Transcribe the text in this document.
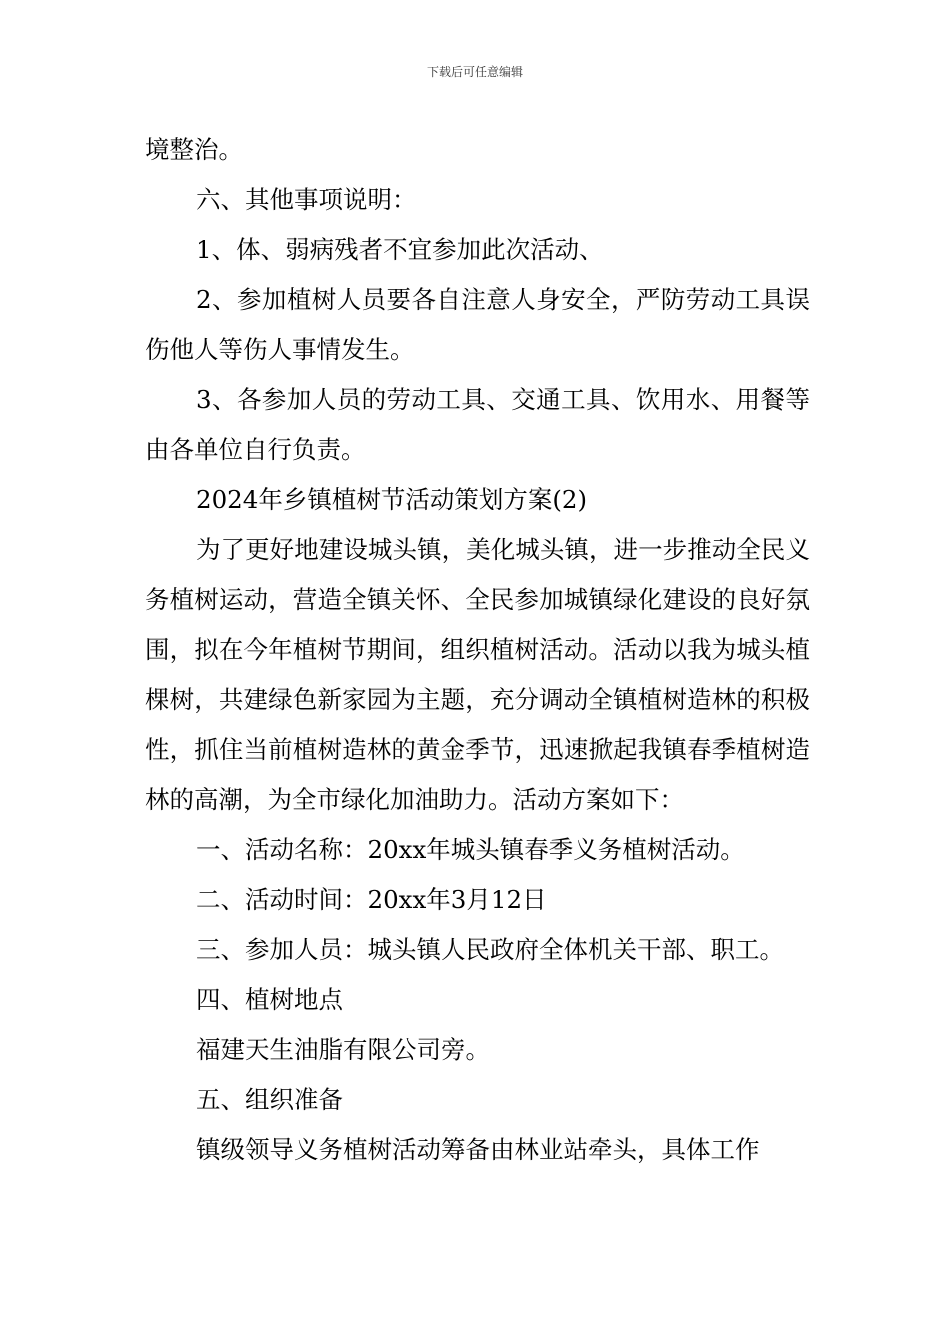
下载后可任意编辑

境整治。

六、其他事项说明：

1、体、弱病残者不宜参加此次活动、

2、参加植树人员要各自注意人身安全，严防劳动工具误伤他人等伤人事情发生。

3、各参加人员的劳动工具、交通工具、饮用水、用餐等由各单位自行负责。

2024年乡镇植树节活动策划方案(2)

为了更好地建设城头镇，美化城头镇，进一步推动全民义务植树运动，营造全镇关怀、全民参加城镇绿化建设的良好氛围，拟在今年植树节期间，组织植树活动。活动以我为城头植棵树，共建绿色新家园为主题，充分调动全镇植树造林的积极性，抓住当前植树造林的黄金季节，迅速掀起我镇春季植树造林的高潮，为全市绿化加油助力。活动方案如下：

一、活动名称：20xx年城头镇春季义务植树活动。

二、活动时间：20xx年3月12日

三、参加人员：城头镇人民政府全体机关干部、职工。

四、植树地点

福建天生油脂有限公司旁。

五、组织准备

镇级领导义务植树活动筹备由林业站牵头，具体工作
